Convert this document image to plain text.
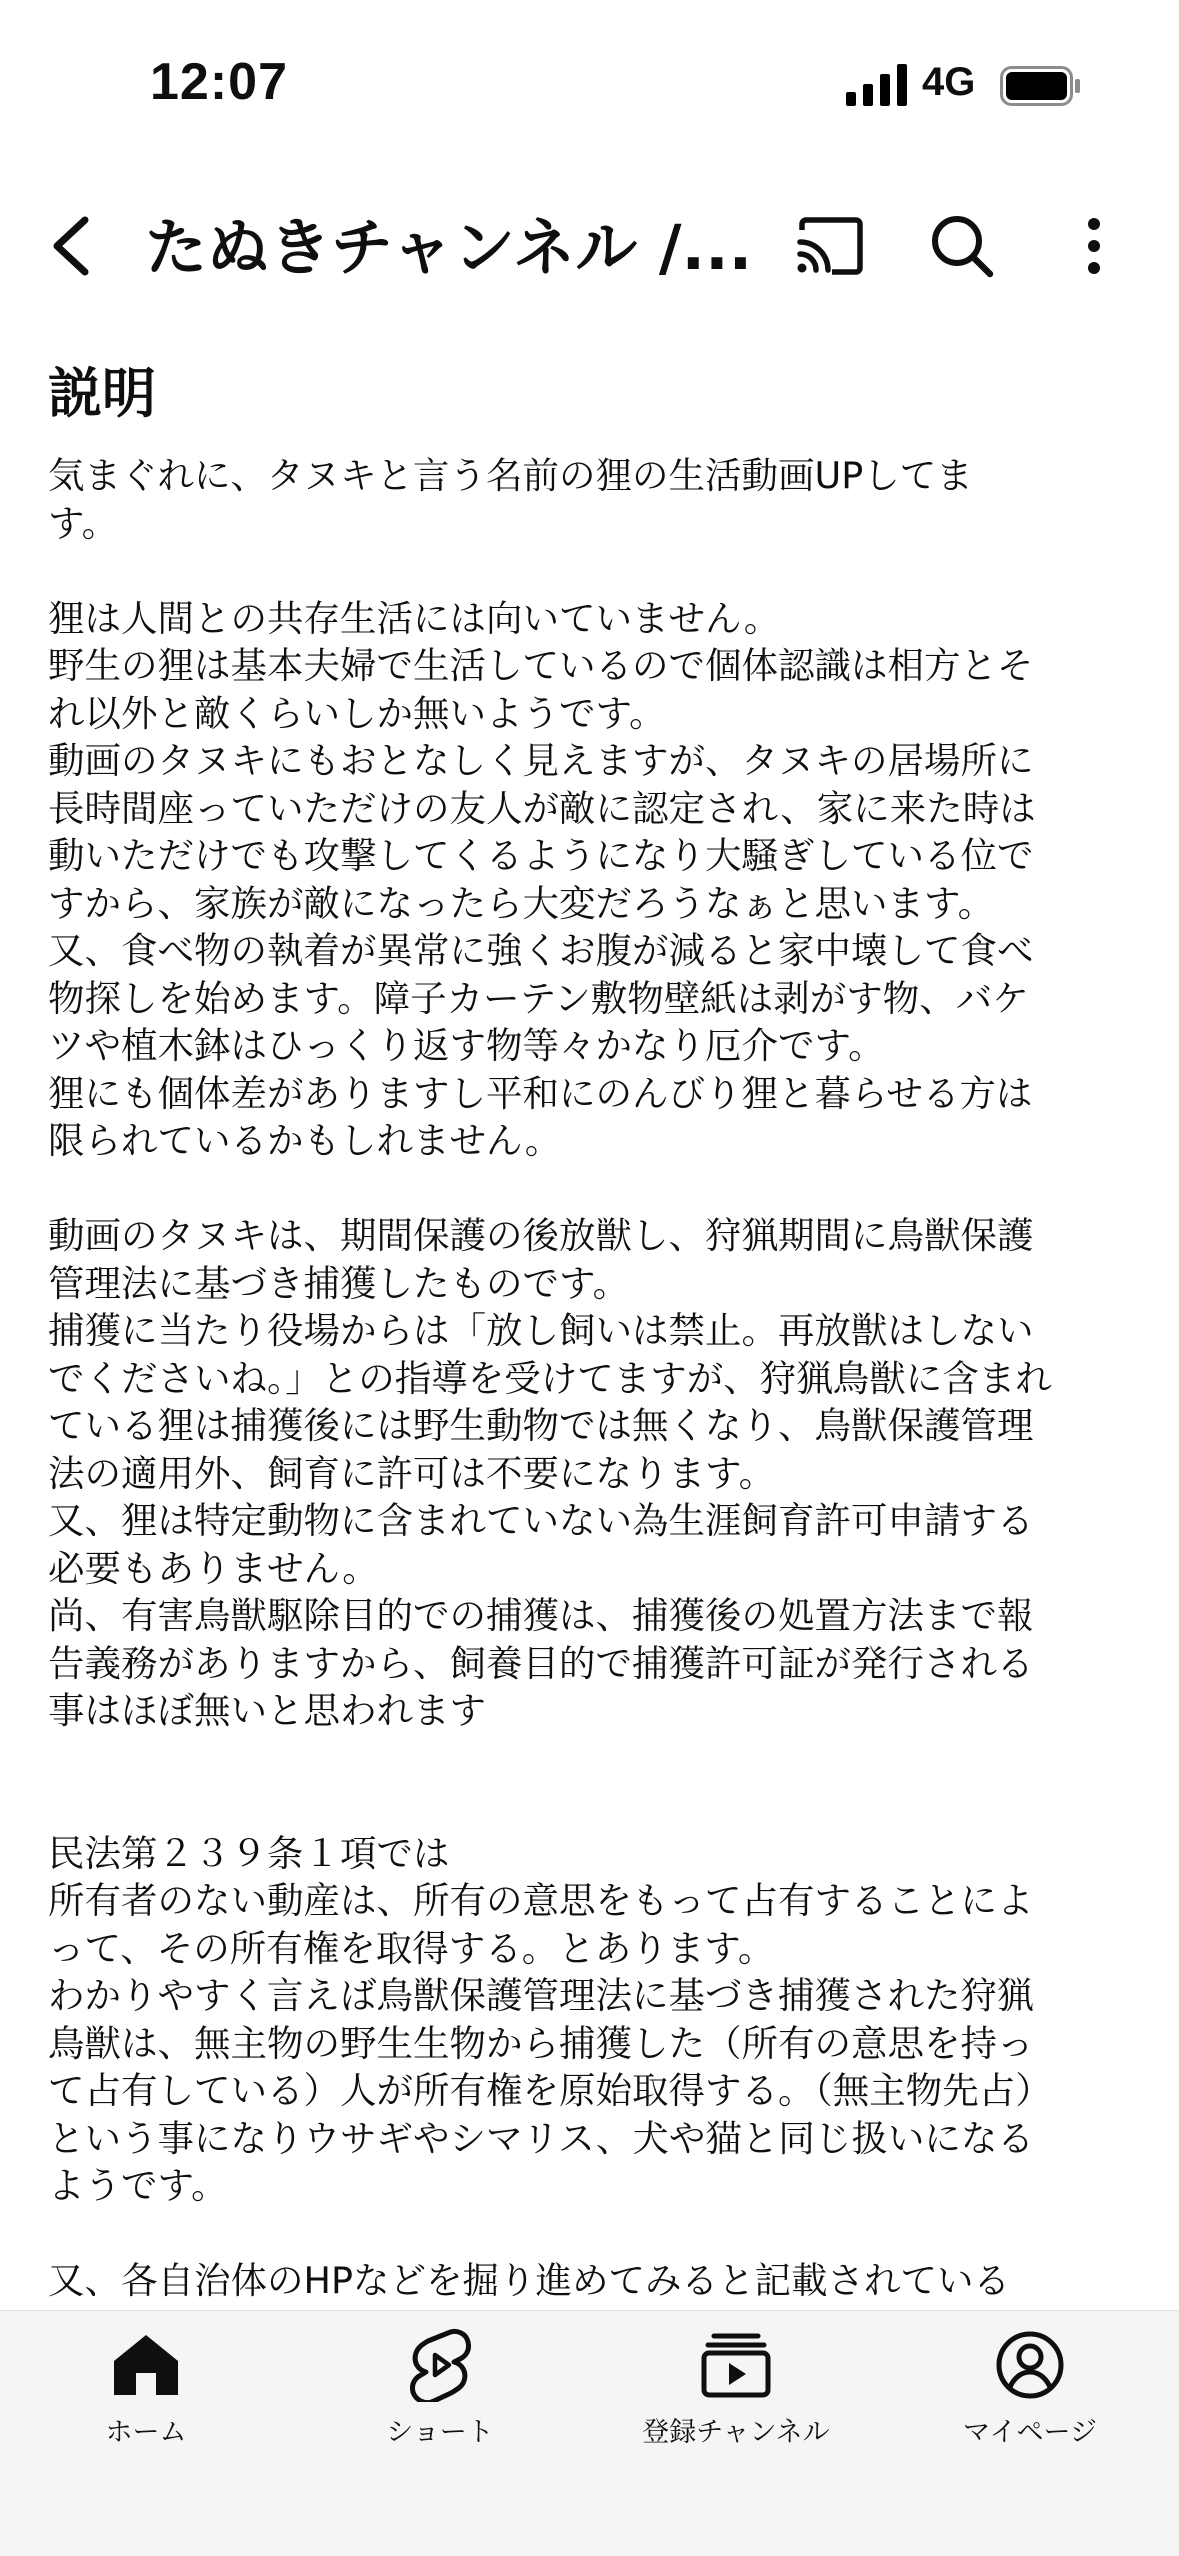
12:07	4G
たぬきチャンネル /...
説明
気まぐれに、タヌキと言う名前の狸の生活動画UPしてま
す。

狸は人間との共存生活には向いていません。
野生の狸は基本夫婦で生活しているので個体認識は相方とそ
れ以外と敵くらいしか無いようです。
動画のタヌキにもおとなしく見えますが、タヌキの居場所に
長時間座っていただけの友人が敵に認定され、家に来た時は
動いただけでも攻撃してくるようになり大騒ぎしている位で
すから、家族が敵になったら大変だろうなぁと思います。
又、食べ物の執着が異常に強くお腹が減ると家中壊して食べ
物探しを始めます。障子カーテン敷物壁紙は剥がす物、バケ
ツや植木鉢はひっくり返す物等々かなり厄介です。
狸にも個体差がありますし平和にのんびり狸と暮らせる方は
限られているかもしれません。

動画のタヌキは、期間保護の後放獣し、狩猟期間に鳥獣保護
管理法に基づき捕獲したものです。
捕獲に当たり役場からは「放し飼いは禁止。再放獣はしない
でくださいね。」との指導を受けてますが、狩猟鳥獣に含まれ
ている狸は捕獲後には野生動物では無くなり、鳥獣保護管理
法の適用外、飼育に許可は不要になります。
又、狸は特定動物に含まれていない為生涯飼育許可申請する
必要もありません。
尚、有害鳥獣駆除目的での捕獲は、捕獲後の処置方法まで報
告義務がありますから、飼養目的で捕獲許可証が発行される
事はほぼ無いと思われます

民法第２３９条１項では
所有者のない動産は、所有の意思をもって占有することによ
って、その所有権を取得する。とあります。
わかりやすく言えば鳥獣保護管理法に基づき捕獲された狩猟
鳥獣は、無主物の野生生物から捕獲した（所有の意思を持っ
て占有している）人が所有権を原始取得する。（無主物先占）
という事になりウサギやシマリス、犬や猫と同じ扱いになる
ようです。

又、各自治体のHPなどを掘り進めてみると記載されている
ホーム	ショート	登録チャンネル	マイページ
